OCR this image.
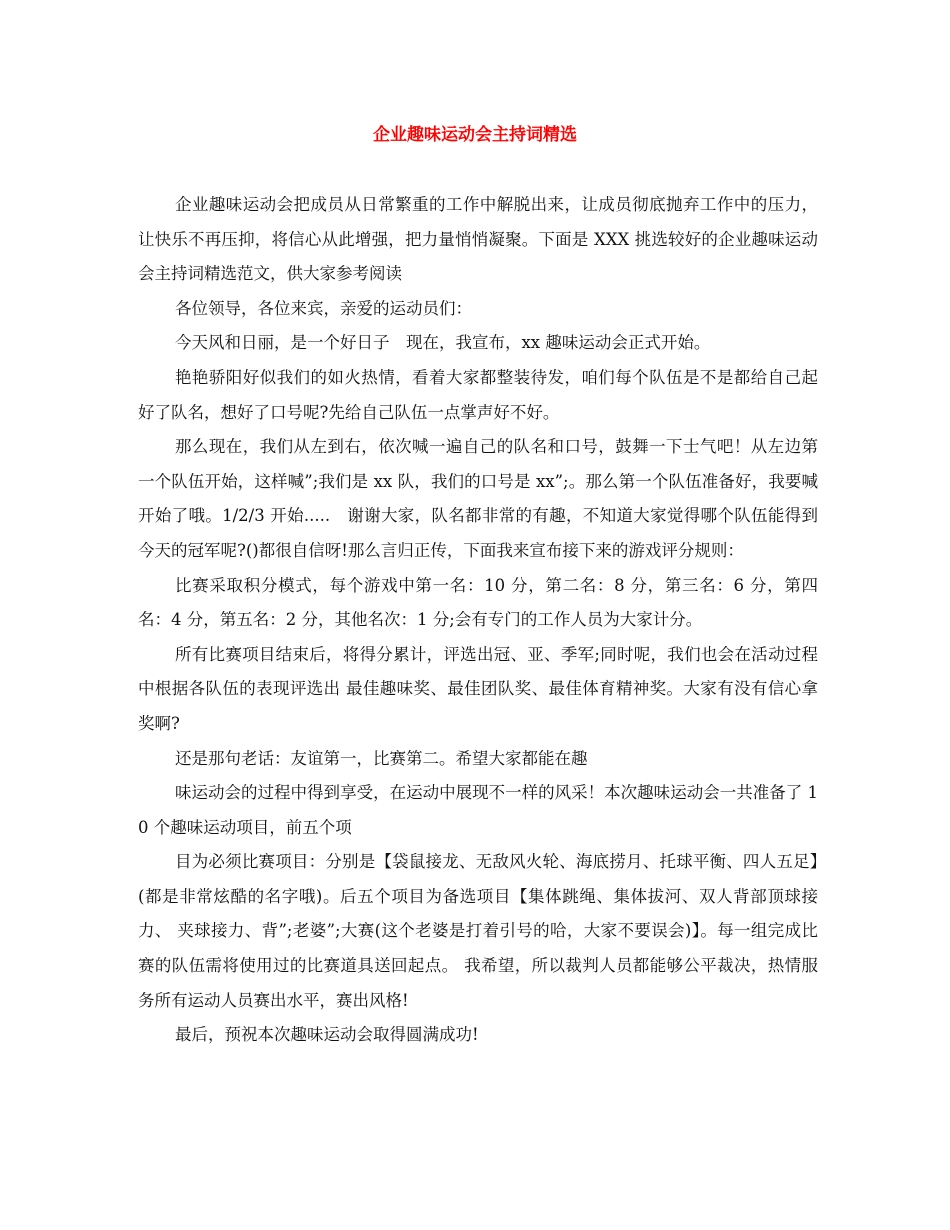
企业趣味运动会主持词精选

企业趣味运动会把成员从日常繁重的工作中解脱出来，让成员彻底抛弃工作中的压力，让快乐不再压抑，将信心从此增强，把力量悄悄凝聚。下面是 XXX 挑选较好的企业趣味运动会主持词精选范文，供大家参考阅读

各位领导，各位来宾，亲爱的运动员们：

今天风和日丽，是一个好日子　现在，我宣布，xx 趣味运动会正式开始。

艳艳骄阳好似我们的如火热情，看着大家都整装待发，咱们每个队伍是不是都给自己起好了队名，想好了口号呢?先给自己队伍一点掌声好不好。

那么现在，我们从左到右，依次喊一遍自己的队名和口号，鼓舞一下士气吧！从左边第一个队伍开始，这样喊”;我们是 xx 队，我们的口号是 xx”;。那么第一个队伍准备好，我要喊开始了哦。1/2/3 开始.....　谢谢大家，队名都非常的有趣，不知道大家觉得哪个队伍能得到今天的冠军呢?()都很自信呀!那么言归正传，下面我来宣布接下来的游戏评分规则：

比赛采取积分模式，每个游戏中第一名：10 分，第二名：8 分，第三名：6 分，第四名：4 分，第五名：2 分，其他名次：1 分;会有专门的工作人员为大家计分。

所有比赛项目结束后，将得分累计，评选出冠、亚、季军;同时呢，我们也会在活动过程中根据各队伍的表现评选出 最佳趣味奖、最佳团队奖、最佳体育精神奖。大家有没有信心拿奖啊?

还是那句老话：友谊第一，比赛第二。希望大家都能在趣

味运动会的过程中得到享受，在运动中展现不一样的风采！本次趣味运动会一共准备了 10 个趣味运动项目，前五个项

目为必须比赛项目：分别是【袋鼠接龙、无敌风火轮、海底捞月、托球平衡、四人五足】(都是非常炫酷的名字哦)。后五个项目为备选项目【集体跳绳、集体拔河、双人背部顶球接力、 夹球接力、背”;老婆”;大赛(这个老婆是打着引号的哈，大家不要误会)】。每一组完成比赛的队伍需将使用过的比赛道具送回起点。 我希望，所以裁判人员都能够公平裁决，热情服务所有运动人员赛出水平，赛出风格!

最后，预祝本次趣味运动会取得圆满成功!
